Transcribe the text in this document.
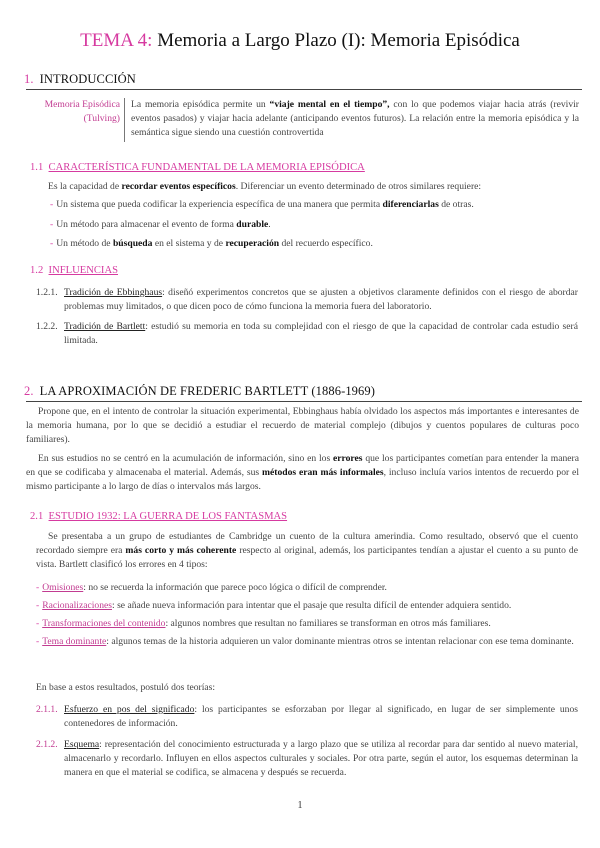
TEMA 4: Memoria a Largo Plazo (I): Memoria Episódica
1. INTRODUCCIÓN
Memoria Episódica (Tulving)
La memoria episódica permite un “viaje mental en el tiempo”, con lo que podemos viajar hacia atrás (revivir eventos pasados) y viajar hacia adelante (anticipando eventos futuros). La relación entre la memoria episódica y la semántica sigue siendo una cuestión controvertida
1.1 CARACTERÍSTICA FUNDAMENTAL DE LA MEMORIA EPISÓDICA
Es la capacidad de recordar eventos específicos. Diferenciar un evento determinado de otros similares requiere:
- Un sistema que pueda codificar la experiencia específica de una manera que permita diferenciarlas de otras.
- Un método para almacenar el evento de forma durable.
- Un método de búsqueda en el sistema y de recuperación del recuerdo específico.
1.2 INFLUENCIAS
1.2.1. Tradición de Ebbinghaus: diseñó experimentos concretos que se ajusten a objetivos claramente definidos con el riesgo de abordar problemas muy limitados, o que dicen poco de cómo funciona la memoria fuera del laboratorio.
1.2.2. Tradición de Bartlett: estudió su memoria en toda su complejidad con el riesgo de que la capacidad de controlar cada estudio será limitada.
2. LA APROXIMACIÓN DE FREDERIC BARTLETT (1886-1969)
Propone que, en el intento de controlar la situación experimental, Ebbinghaus había olvidado los aspectos más importantes e interesantes de la memoria humana, por lo que se decidió a estudiar el recuerdo de material complejo (dibujos y cuentos populares de culturas poco familiares).
En sus estudios no se centró en la acumulación de información, sino en los errores que los participantes cometían para entender la manera en que se codificaba y almacenaba el material. Además, sus métodos eran más informales, incluso incluía varios intentos de recuerdo por el mismo participante a lo largo de días o intervalos más largos.
2.1 ESTUDIO 1932: LA GUERRA DE LOS FANTASMAS
Se presentaba a un grupo de estudiantes de Cambridge un cuento de la cultura amerindia. Como resultado, observó que el cuento recordado siempre era más corto y más coherente respecto al original, además, los participantes tendían a ajustar el cuento a su punto de vista. Bartlett clasificó los errores en 4 tipos:
- Omisiones: no se recuerda la información que parece poco lógica o difícil de comprender.
- Racionalizaciones: se añade nueva información para intentar que el pasaje que resulta difícil de entender adquiera sentido.
- Transformaciones del contenido: algunos nombres que resultan no familiares se transforman en otros más familiares.
- Tema dominante: algunos temas de la historia adquieren un valor dominante mientras otros se intentan relacionar con ese tema dominante.
En base a estos resultados, postuló dos teorías:
2.1.1. Esfuerzo en pos del significado: los participantes se esforzaban por llegar al significado, en lugar de ser simplemente unos contenedores de información.
2.1.2. Esquema: representación del conocimiento estructurada y a largo plazo que se utiliza al recordar para dar sentido al nuevo material, almacenarlo y recordarlo. Influyen en ellos aspectos culturales y sociales. Por otra parte, según el autor, los esquemas determinan la manera en que el material se codifica, se almacena y después se recuerda.
1
